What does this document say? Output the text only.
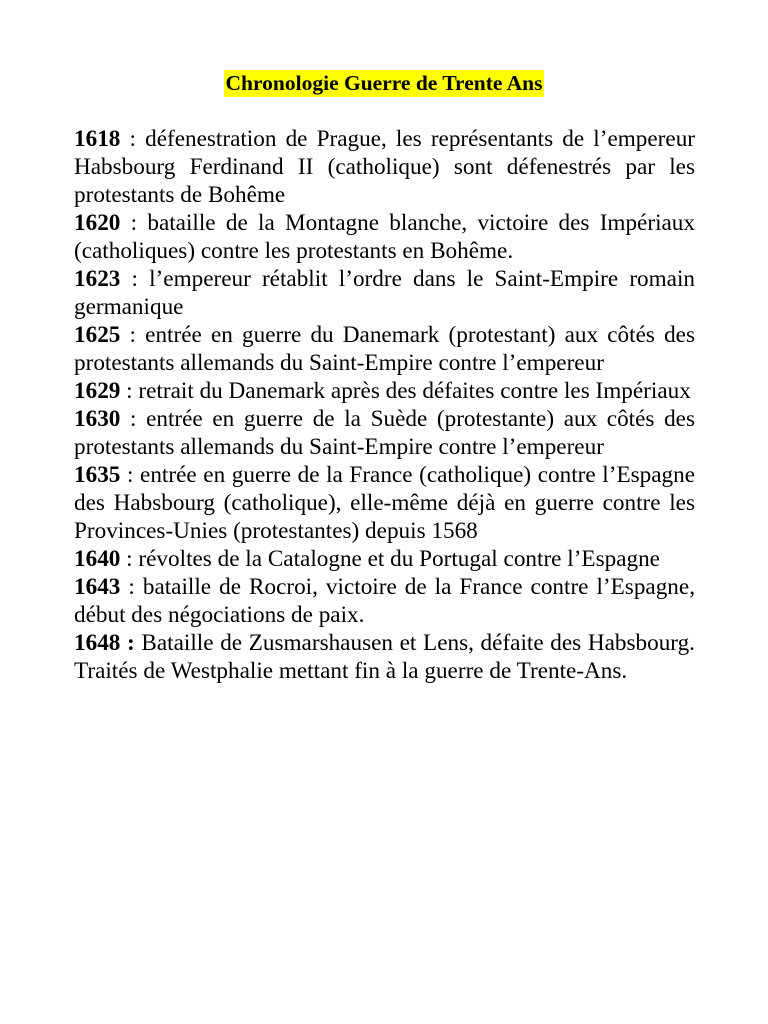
Chronologie Guerre de Trente Ans

1618 : défenestration de Prague, les représentants de l’empereur Habsbourg Ferdinand II (catholique) sont défenestrés par les protestants de Bohême

1620 : bataille de la Montagne blanche, victoire des Impériaux (catholiques) contre les protestants en Bohême.

1623 : l’empereur rétablit l’ordre dans le Saint-Empire romain germanique

1625 : entrée en guerre du Danemark (protestant) aux côtés des protestants allemands du Saint-Empire contre l’empereur

1629 : retrait du Danemark après des défaites contre les Impériaux

1630 : entrée en guerre de la Suède (protestante) aux côtés des protestants allemands du Saint-Empire contre l’empereur

1635 : entrée en guerre de la France (catholique) contre l’Espagne des Habsbourg (catholique), elle-même déjà en guerre contre les Provinces-Unies (protestantes) depuis 1568

1640 : révoltes de la Catalogne et du Portugal contre l’Espagne

1643 : bataille de Rocroi, victoire de la France contre l’Espagne, début des négociations de paix.

1648 : Bataille de Zusmarshausen et Lens, défaite des Habsbourg. Traités de Westphalie mettant fin à la guerre de Trente-Ans.
